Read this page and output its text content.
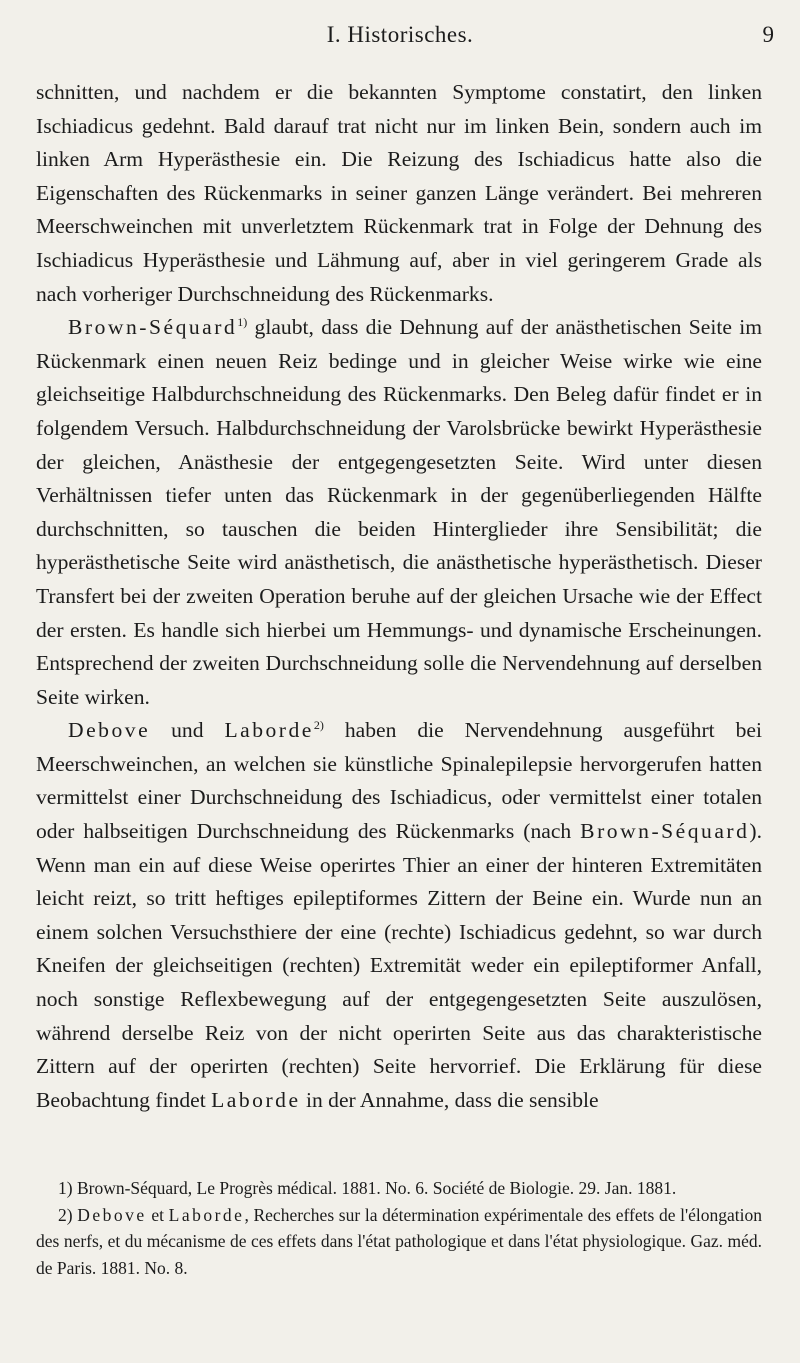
I. Historisches.	9

schnitten, und nachdem er die bekannten Symptome constatirt, den linken Ischiadicus gedehnt. Bald darauf trat nicht nur im linken Bein, sondern auch im linken Arm Hyperästhesie ein. Die Reizung des Ischiadicus hatte also die Eigenschaften des Rückenmarks in seiner ganzen Länge verändert. Bei mehreren Meerschweinchen mit unverletztem Rückenmark trat in Folge der Dehnung des Ischiadicus Hyperästhesie und Lähmung auf, aber in viel geringerem Grade als nach vorheriger Durchschneidung des Rückenmarks.

Brown-Séquard$^{1)}$ glaubt, dass die Dehnung auf der anästhetischen Seite im Rückenmark einen neuen Reiz bedinge und in gleicher Weise wirke wie eine gleichseitige Halbdurchschneidung des Rückenmarks. Den Beleg dafür findet er in folgendem Versuch. Halbdurchschneidung der Varolsbrücke bewirkt Hyperästhesie der gleichen, Anästhesie der entgegengesetzten Seite. Wird unter diesen Verhältnissen tiefer unten das Rückenmark in der gegenüberliegenden Hälfte durchschnitten, so tauschen die beiden Hinterglieder ihre Sensibilität; die hyperästhetische Seite wird anästhetisch, die anästhetische hyperästhetisch. Dieser Transfert bei der zweiten Operation beruhe auf der gleichen Ursache wie der Effect der ersten. Es handle sich hierbei um Hemmungs- und dynamische Erscheinungen. Entsprechend der zweiten Durchschneidung solle die Nervendehnung auf derselben Seite wirken.

Debove und Laborde$^{2)}$ haben die Nervendehnung ausgeführt bei Meerschweinchen, an welchen sie künstliche Spinalepilepsie hervorgerufen hatten vermittelst einer Durchschneidung des Ischiadicus, oder vermittelst einer totalen oder halbseitigen Durchschneidung des Rückenmarks (nach Brown-Séquard). Wenn man ein auf diese Weise operirtes Thier an einer der hinteren Extremitäten leicht reizt, so tritt heftiges epileptiformes Zittern der Beine ein. Wurde nun an einem solchen Versuchsthiere der eine (rechte) Ischiadicus gedehnt, so war durch Kneifen der gleichseitigen (rechten) Extremität weder ein epileptiformer Anfall, noch sonstige Reflexbewegung auf der entgegengesetzten Seite auszulösen, während derselbe Reiz von der nicht operirten Seite aus das charakteristische Zittern auf der operirten (rechten) Seite hervorrief. Die Erklärung für diese Beobachtung findet Laborde in der Annahme, dass die sensible

1) Brown-Séquard, Le Progrès médical. 1881. No. 6. Société de Biologie. 29. Jan. 1881.

2) Debove et Laborde, Recherches sur la détermination expérimentale des effets de l'élongation des nerfs, et du mécanisme de ces effets dans l'état pathologique et dans l'état physiologique. Gaz. méd. de Paris. 1881. No. 8.
